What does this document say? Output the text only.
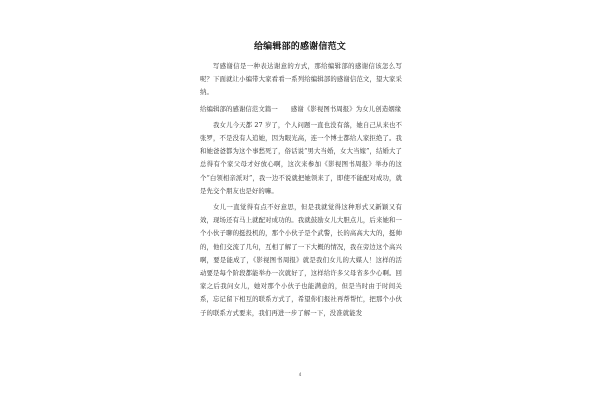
给编辑部的感谢信范文

写感谢信是一种表达谢意的方式，那给编辑部的感谢信该怎么写呢？下面就让小编带大家看看一系列给编辑部的感谢信范文，望大家采纳。

给编辑部的感谢信范文篇一　　感谢《影视图书周报》为女儿创造姻缘

我女儿今天都 27 岁了，个人问题一直也没有落，她自己从来也不张罗，不是没有人追她，因为眼光高，连一个博士都给人家拒绝了。我和她爸爸都为这个事愁死了，俗话说“男大当婚，女大当嫁”，结婚大了总得有个家父母才好放心啊，这次来参加《影视图书周报》举办的这个“白领相亲派对”，我一边不说就把她领来了，即使不能配对成功，就是先交个朋友也是好的嘛。

女儿一直觉得有点不好意思，但是我就觉得这种形式又新颖又有效，现场还有马上就配对成功的。我就鼓励女儿大胆点儿，后来她和一个小伙子聊的挺投机的，那个小伙子是个武警，长的高高大大的，挺帅的，他们交流了几句，互相了解了一下大概的情况，我在旁边这个高兴啊，要是能成了，《影视图书周报》就是我们女儿的大媒人！这样的活动要是每个阶段都能举办一次就好了，这样给许多父母省多少心啊。回家之后我问女儿，她对那个小伙子也能满意的，但是当时由于时间关系，忘记留下相互的联系方式了，希望你们报社再帮帮忙，把那个小伙子的联系方式要来，我们再进一步了解一下，没准就能发

4
